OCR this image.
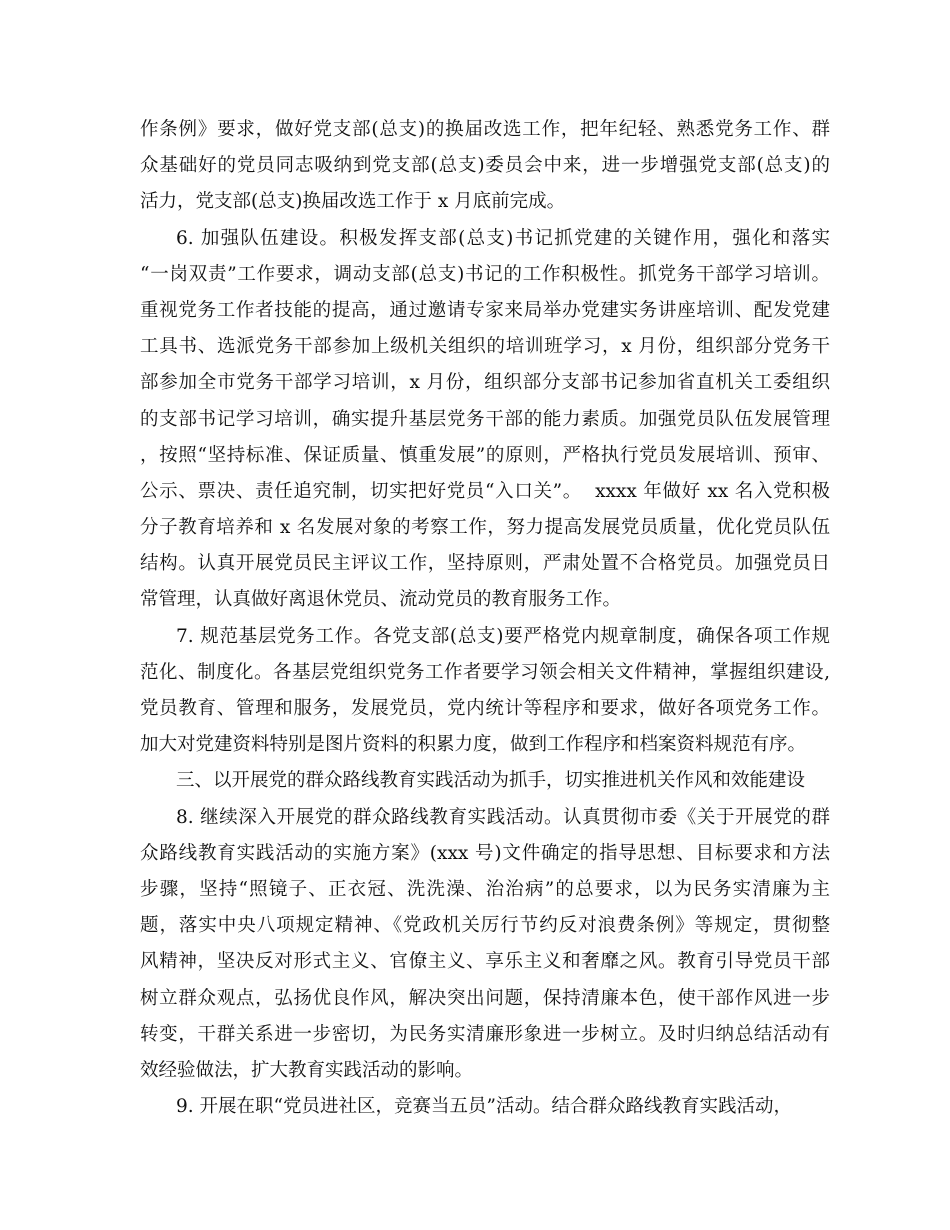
作条例》要求，做好党支部(总支)的换届改选工作，把年纪轻、熟悉党务工作、群
众基础好的党员同志吸纳到党支部(总支)委员会中来，进一步增强党支部(总支)的
活力，党支部(总支)换届改选工作于 x 月底前完成。
6. 加强队伍建设。积极发挥支部(总支)书记抓党建的关键作用，强化和落实
“一岗双责”工作要求，调动支部(总支)书记的工作积极性。抓党务干部学习培训。
重视党务工作者技能的提高，通过邀请专家来局举办党建实务讲座培训、配发党建
工具书、选派党务干部参加上级机关组织的培训班学习，x 月份，组织部分党务干
部参加全市党务干部学习培训，x 月份，组织部分支部书记参加省直机关工委组织
的支部书记学习培训，确实提升基层党务干部的能力素质。加强党员队伍发展管理
，按照“坚持标准、保证质量、慎重发展”的原则，严格执行党员发展培训、预审、
公示、票决、责任追究制，切实把好党员“入口关”。  xxxx 年做好 xx 名入党积极
分子教育培养和 x 名发展对象的考察工作，努力提高发展党员质量，优化党员队伍
结构。认真开展党员民主评议工作，坚持原则，严肃处置不合格党员。加强党员日
常管理，认真做好离退休党员、流动党员的教育服务工作。
7. 规范基层党务工作。各党支部(总支)要严格党内规章制度，确保各项工作规
范化、制度化。各基层党组织党务工作者要学习领会相关文件精神，掌握组织建设,
党员教育、管理和服务，发展党员，党内统计等程序和要求，做好各项党务工作。
加大对党建资料特别是图片资料的积累力度，做到工作程序和档案资料规范有序。
三、以开展党的群众路线教育实践活动为抓手，切实推进机关作风和效能建设
8. 继续深入开展党的群众路线教育实践活动。认真贯彻市委《关于开展党的群
众路线教育实践活动的实施方案》(xxx 号)文件确定的指导思想、目标要求和方法
步骤，坚持“照镜子、正衣冠、洗洗澡、治治病”的总要求，以为民务实清廉为主
题，落实中央八项规定精神、《党政机关厉行节约反对浪费条例》等规定，贯彻整
风精神，坚决反对形式主义、官僚主义、享乐主义和奢靡之风。教育引导党员干部
树立群众观点，弘扬优良作风，解决突出问题，保持清廉本色，使干部作风进一步
转变，干群关系进一步密切，为民务实清廉形象进一步树立。及时归纳总结活动有
效经验做法，扩大教育实践活动的影响。
9. 开展在职“党员进社区，竞赛当五员”活动。结合群众路线教育实践活动，
